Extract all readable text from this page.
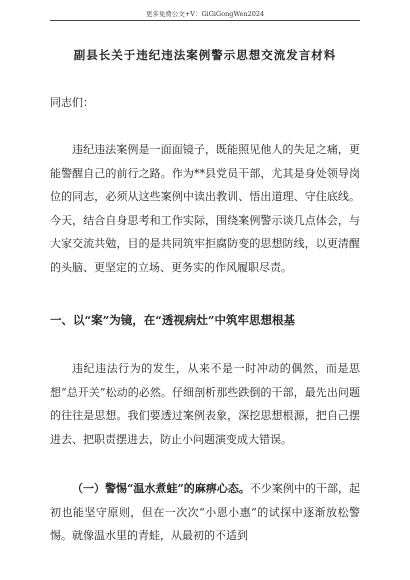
更多免费公文+V：GiGiGongWen2024
副县长关于违纪违法案例警示思想交流发言材料
同志们：

违纪违法案例是一面面镜子，既能照见他人的失足之痛，更能警醒自己的前行之路。作为**县党员干部，尤其是身处领导岗位的同志，必须从这些案例中读出教训、悟出道理、守住底线。今天，结合自身思考和工作实际，围绕案例警示谈几点体会，与大家交流共勉，目的是共同筑牢拒腐防变的思想防线，以更清醒的头脑、更坚定的立场、更务实的作风履职尽责。

一、以“案”为镜，在“透视病灶”中筑牢思想根基

违纪违法行为的发生，从来不是一时冲动的偶然，而是思想“总开关”松动的必然。仔细剖析那些跌倒的干部，最先出问题的往往是思想。我们要透过案例表象，深挖思想根源，把自己摆进去、把职责摆进去，防止小问题演变成大错误。

（一）警惕“温水煮蛙”的麻痹心态。不少案例中的干部，起初也能坚守原则，但在一次次“小恩小惠”的试探中逐渐放松警惕。就像温水里的青蛙，从最初的不适到
